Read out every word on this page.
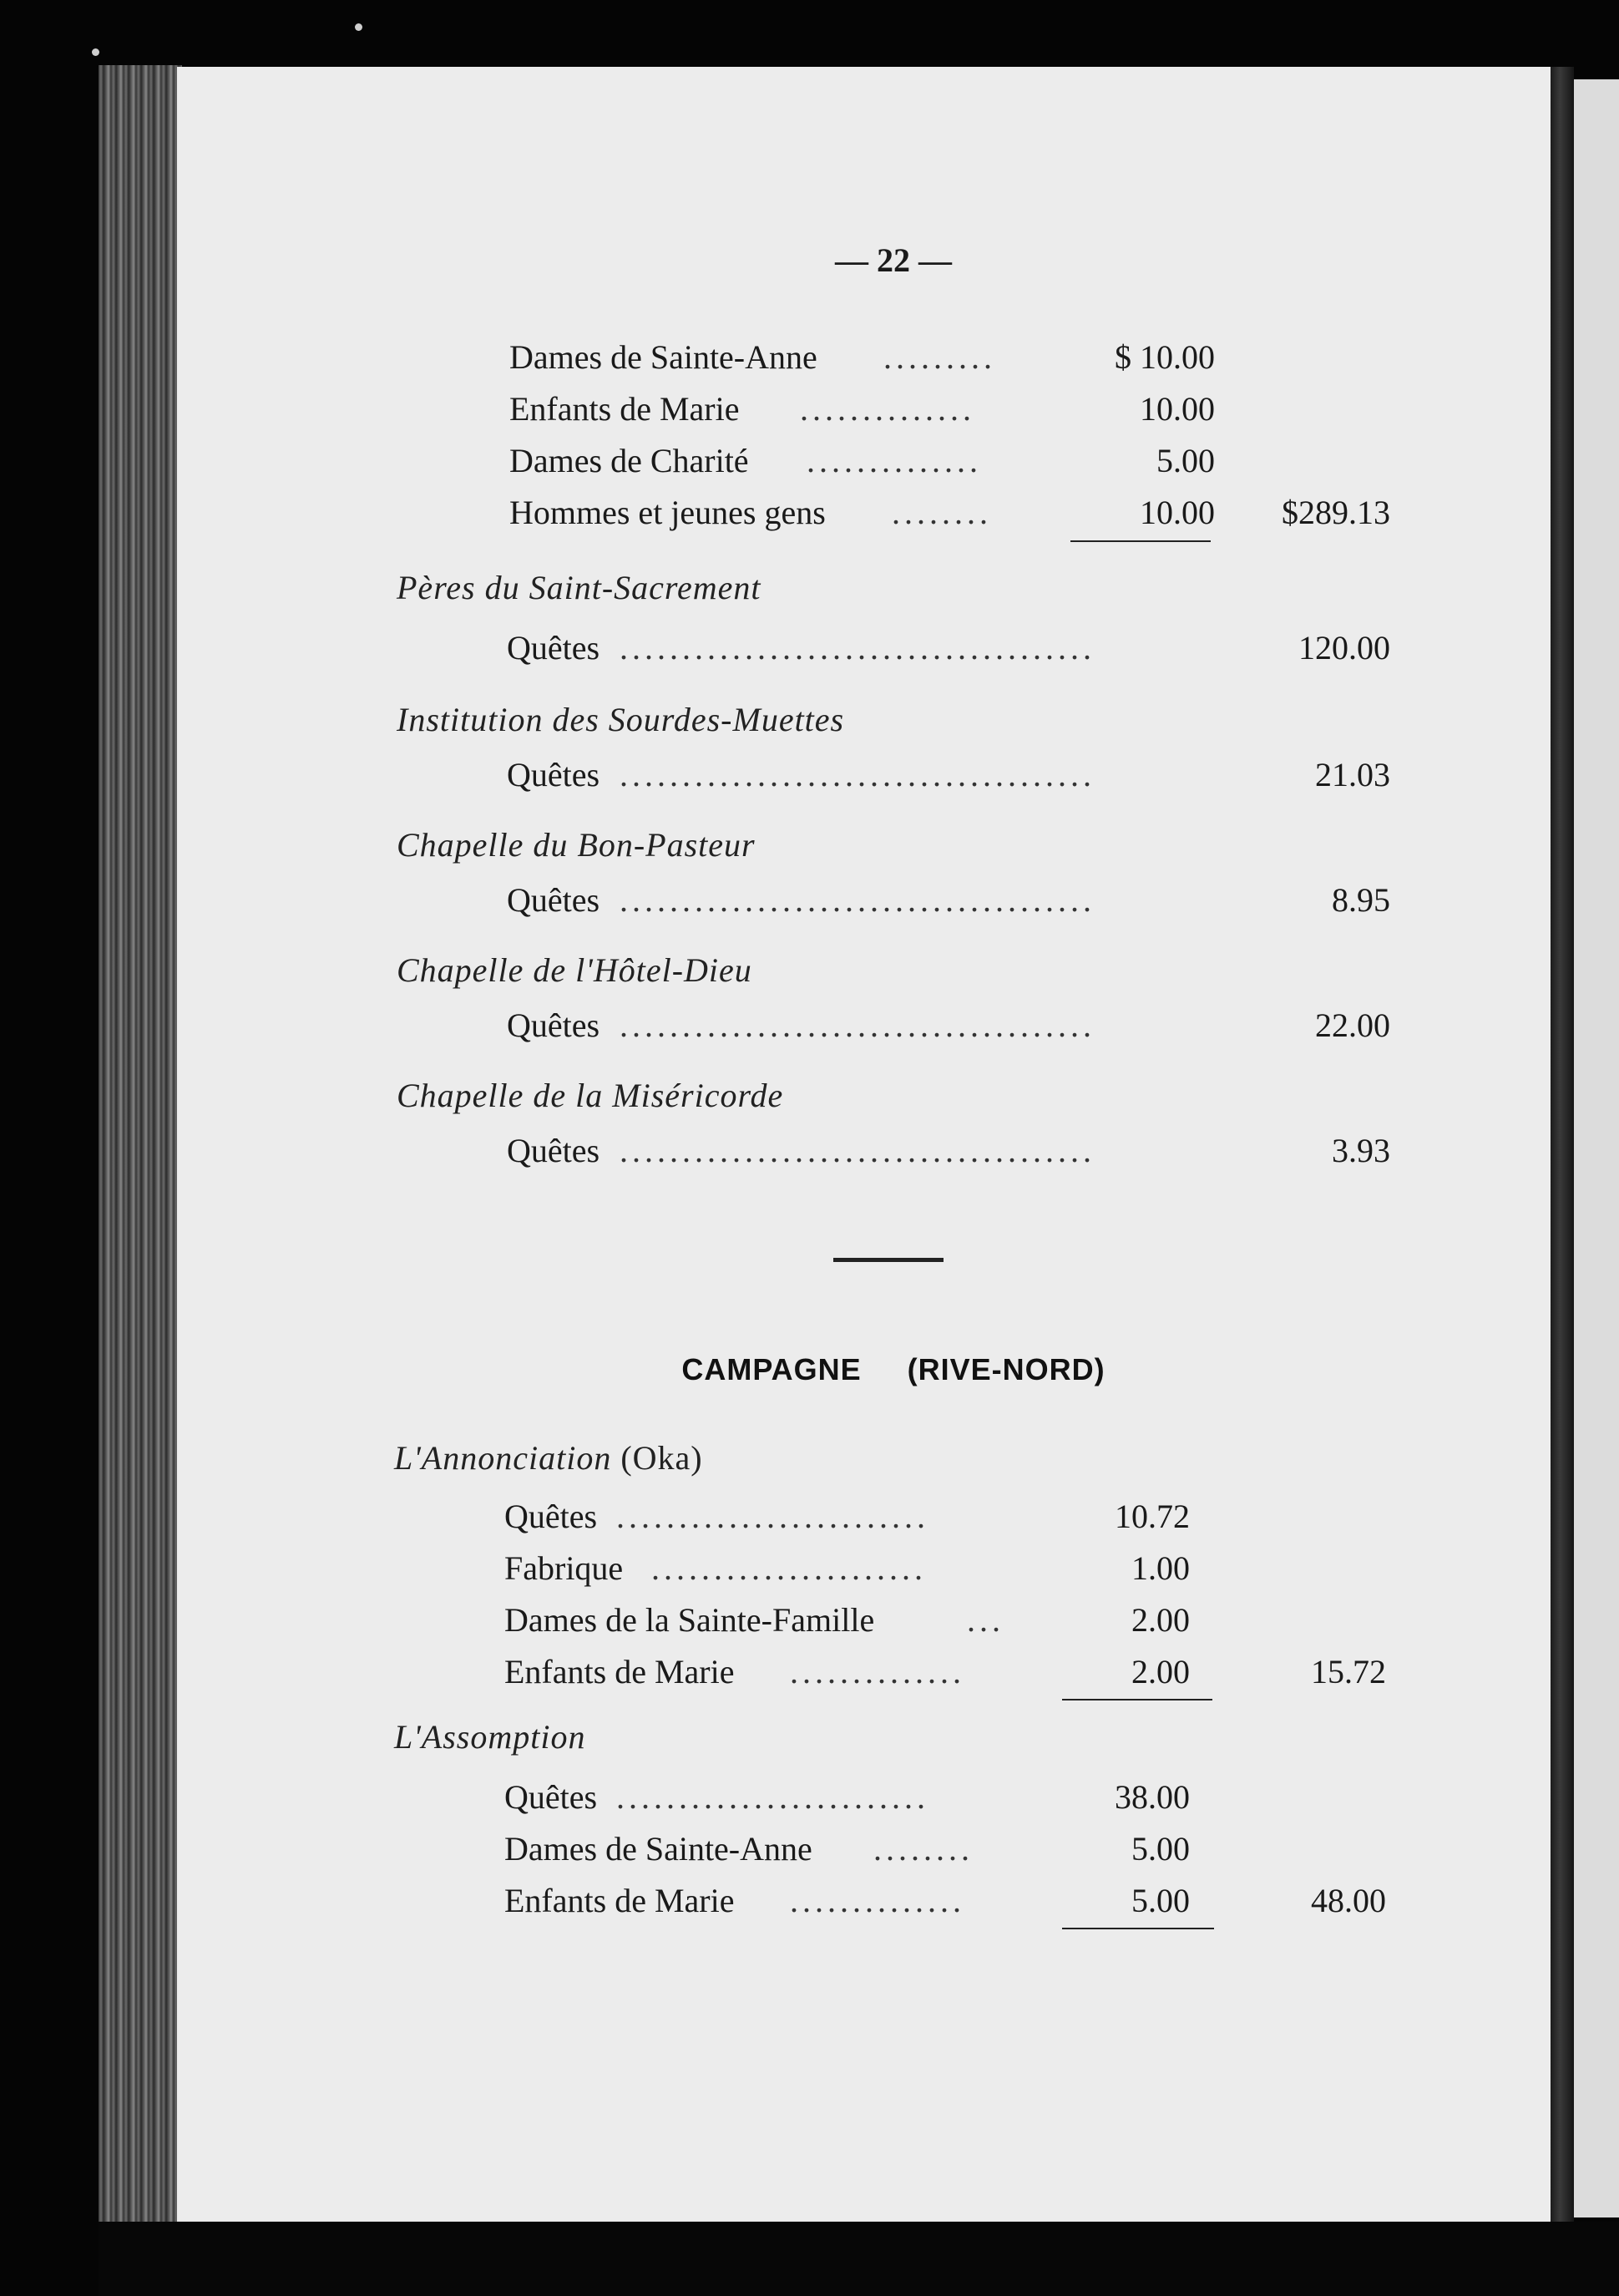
— 22 —
Dames de Sainte-Anne .........	$ 10.00
Enfants de Marie ..............	10.00
Dames de Charité ..............	5.00
Hommes et jeunes gens ........	10.00	$289.13
Pères du Saint-Sacrement
Quêtes ......................................	120.00
Institution des Sourdes-Muettes
Quêtes ......................................	21.03
Chapelle du Bon-Pasteur
Quêtes ......................................	8.95
Chapelle de l'Hôtel-Dieu
Quêtes ......................................	22.00
Chapelle de la Miséricorde
Quêtes ......................................	3.93
CAMPAGNE     (RIVE-NORD)
L'Annonciation (Oka)
Quêtes .........................	10.72
Fabrique ......................	1.00
Dames de la Sainte-Famille	...	2.00
Enfants de Marie ..............	2.00	15.72
L'Assomption
Quêtes .........................	38.00
Dames de Sainte-Anne ........	5.00
Enfants de Marie ..............	5.00	48.00
